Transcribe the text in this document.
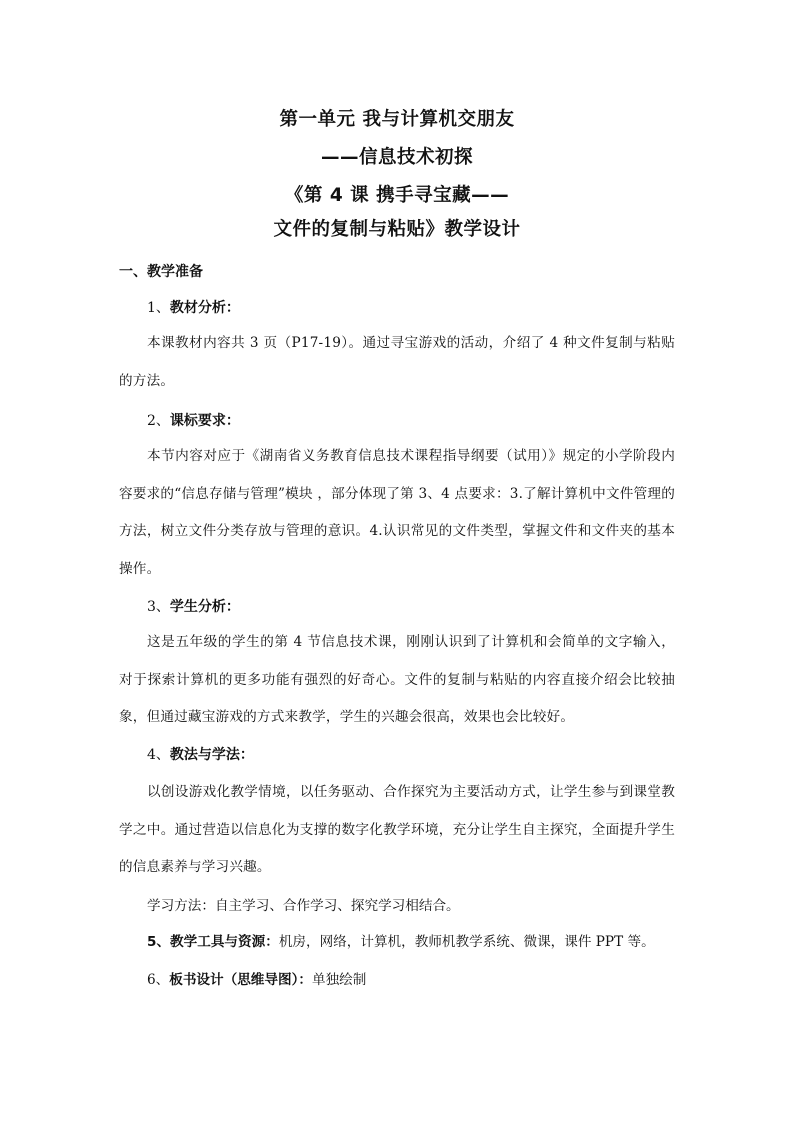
第一单元 我与计算机交朋友
——信息技术初探
《第 4 课 携手寻宝藏——
文件的复制与粘贴》教学设计
一、教学准备
1、教材分析：
本课教材内容共 3 页（P17-19）。通过寻宝游戏的活动，介绍了 4 种文件复制与粘贴的方法。
2、课标要求：
本节内容对应于《湖南省义务教育信息技术课程指导纲要（试用）》规定的小学阶段内容要求的“信息存储与管理”模块 ，部分体现了第 3、4 点要求：3.了解计算机中文件管理的方法，树立文件分类存放与管理的意识。4.认识常见的文件类型，掌握文件和文件夹的基本操作。
3、学生分析：
这是五年级的学生的第 4 节信息技术课，刚刚认识到了计算机和会简单的文字输入，对于探索计算机的更多功能有强烈的好奇心。文件的复制与粘贴的内容直接介绍会比较抽象，但通过藏宝游戏的方式来教学，学生的兴趣会很高，效果也会比较好。
4、教法与学法：
以创设游戏化教学情境，以任务驱动、合作探究为主要活动方式，让学生参与到课堂教学之中。通过营造以信息化为支撑的数字化教学环境，充分让学生自主探究，全面提升学生的信息素养与学习兴趣。
学习方法：自主学习、合作学习、探究学习相结合。
5、教学工具与资源：机房，网络，计算机，教师机教学系统、微课，课件 PPT 等。
6、板书设计（思维导图）：单独绘制
